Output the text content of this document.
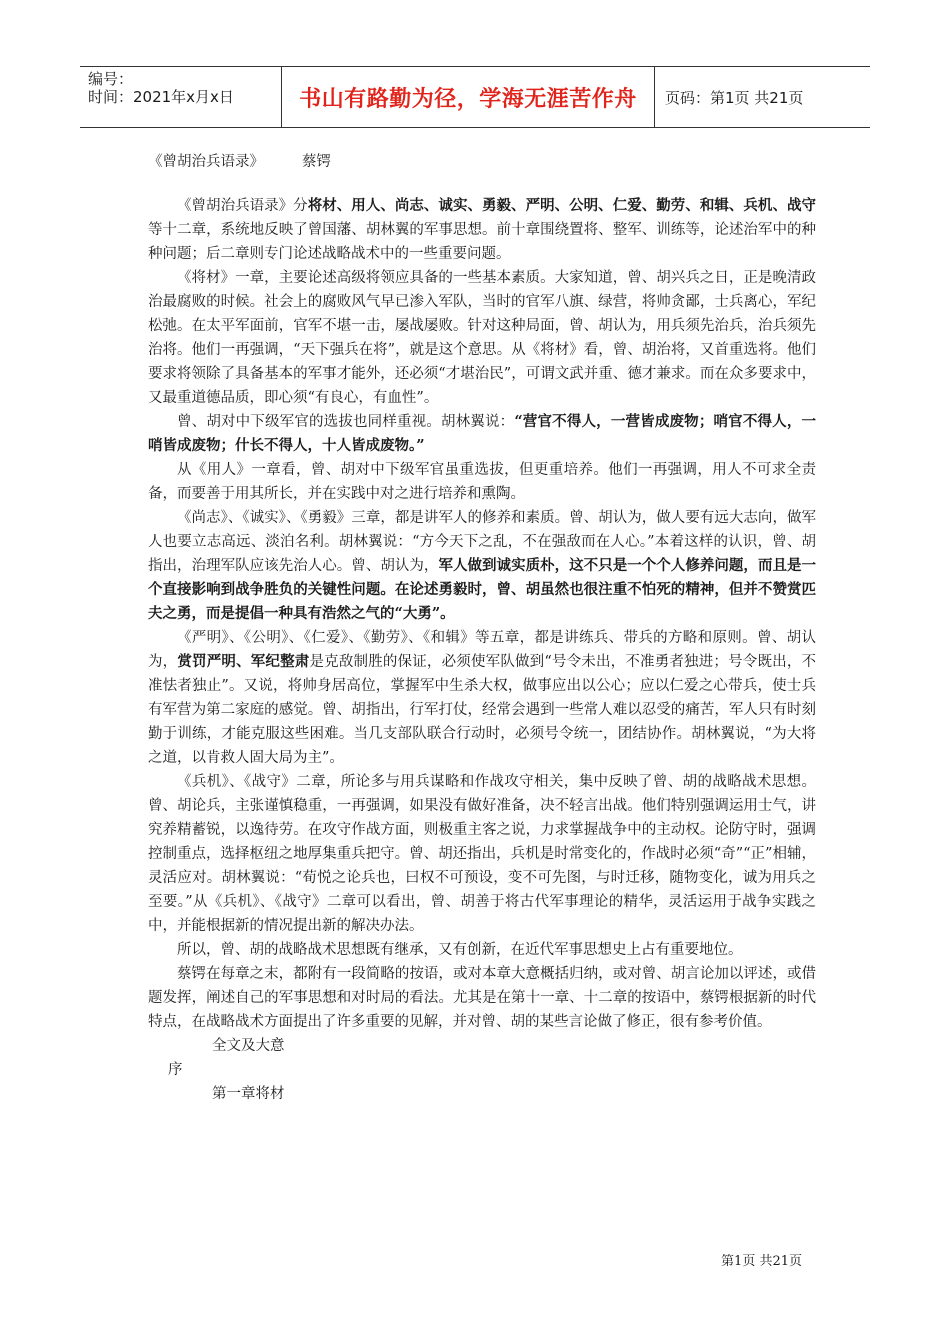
编号：
时间：2021年x月x日	书山有路勤为径，学海无涯苦作舟	页码：第1页 共21页

《曾胡治兵语录》	蔡锷

《曾胡治兵语录》分将材、用人、尚志、诚实、勇毅、严明、公明、仁爱、勤劳、和辑、兵机、战守等十二章，系统地反映了曾国藩、胡林翼的军事思想。前十章围绕置将、整军、训练等，论述治军中的种种问题；后二章则专门论述战略战术中的一些重要问题。

《将材》一章，主要论述高级将领应具备的一些基本素质。大家知道，曾、胡兴兵之日，正是晚清政治最腐败的时候。社会上的腐败风气早已渗入军队，当时的官军八旗、绿营，将帅贪鄙，士兵离心，军纪松弛。在太平军面前，官军不堪一击，屡战屡败。针对这种局面，曾、胡认为，用兵须先治兵，治兵须先治将。他们一再强调，“天下强兵在将”，就是这个意思。从《将材》看，曾、胡治将，又首重选将。他们要求将领除了具备基本的军事才能外，还必须“才堪治民”，可谓文武并重、德才兼求。而在众多要求中，又最重道德品质，即心须“有良心，有血性”。

曾、胡对中下级军官的选拔也同样重视。胡林翼说：“营官不得人，一营皆成废物；哨官不得人，一哨皆成废物；什长不得人，十人皆成废物。”

从《用人》一章看，曾、胡对中下级军官虽重选拔，但更重培养。他们一再强调，用人不可求全责备，而要善于用其所长，并在实践中对之进行培养和熏陶。

《尚志》、《诚实》、《勇毅》三章，都是讲军人的修养和素质。曾、胡认为，做人要有远大志向，做军人也要立志高远、淡泊名利。胡林翼说：“方今天下之乱，不在强敌而在人心。”本着这样的认识，曾、胡指出，治理军队应该先治人心。曾、胡认为，军人做到诚实质朴，这不只是一个个人修养问题，而且是一个直接影响到战争胜负的关键性问题。在论述勇毅时，曾、胡虽然也很注重不怕死的精神，但并不赞赏匹夫之勇，而是提倡一种具有浩然之气的“大勇”。

《严明》、《公明》、《仁爱》、《勤劳》、《和辑》等五章，都是讲练兵、带兵的方略和原则。曾、胡认为，赏罚严明、军纪整肃是克敌制胜的保证，必须使军队做到“号令未出，不准勇者独进；号令既出，不准怯者独止”。又说，将帅身居高位，掌握军中生杀大权，做事应出以公心；应以仁爱之心带兵，使士兵有军营为第二家庭的感觉。曾、胡指出，行军打仗，经常会遇到一些常人难以忍受的痛苦，军人只有时刻勤于训练，才能克服这些困难。当几支部队联合行动时，必须号令统一，团结协作。胡林翼说，“为大将之道，以肯救人固大局为主”。

《兵机》、《战守》二章，所论多与用兵谋略和作战攻守相关，集中反映了曾、胡的战略战术思想。曾、胡论兵，主张谨慎稳重，一再强调，如果没有做好准备，决不轻言出战。他们特别强调运用士气，讲究养精蓄锐，以逸待劳。在攻守作战方面，则极重主客之说，力求掌握战争中的主动权。论防守时，强调控制重点，选择枢纽之地厚集重兵把守。曾、胡还指出，兵机是时常变化的，作战时必须“奇”“正”相辅，灵活应对。胡林翼说：“荀悦之论兵也，曰权不可预设，变不可先图，与时迁移，随物变化，诚为用兵之至要。”从《兵机》、《战守》二章可以看出，曾、胡善于将古代军事理论的精华，灵活运用于战争实践之中，并能根据新的情况提出新的解决办法。

所以，曾、胡的战略战术思想既有继承，又有创新，在近代军事思想史上占有重要地位。

蔡锷在每章之末，都附有一段简略的按语，或对本章大意概括归纳，或对曾、胡言论加以评述，或借题发挥，阐述自己的军事思想和对时局的看法。尤其是在第十一章、十二章的按语中，蔡锷根据新的时代特点，在战略战术方面提出了许多重要的见解，并对曾、胡的某些言论做了修正，很有参考价值。

全文及大意

序

第一章将材

第1页 共21页
